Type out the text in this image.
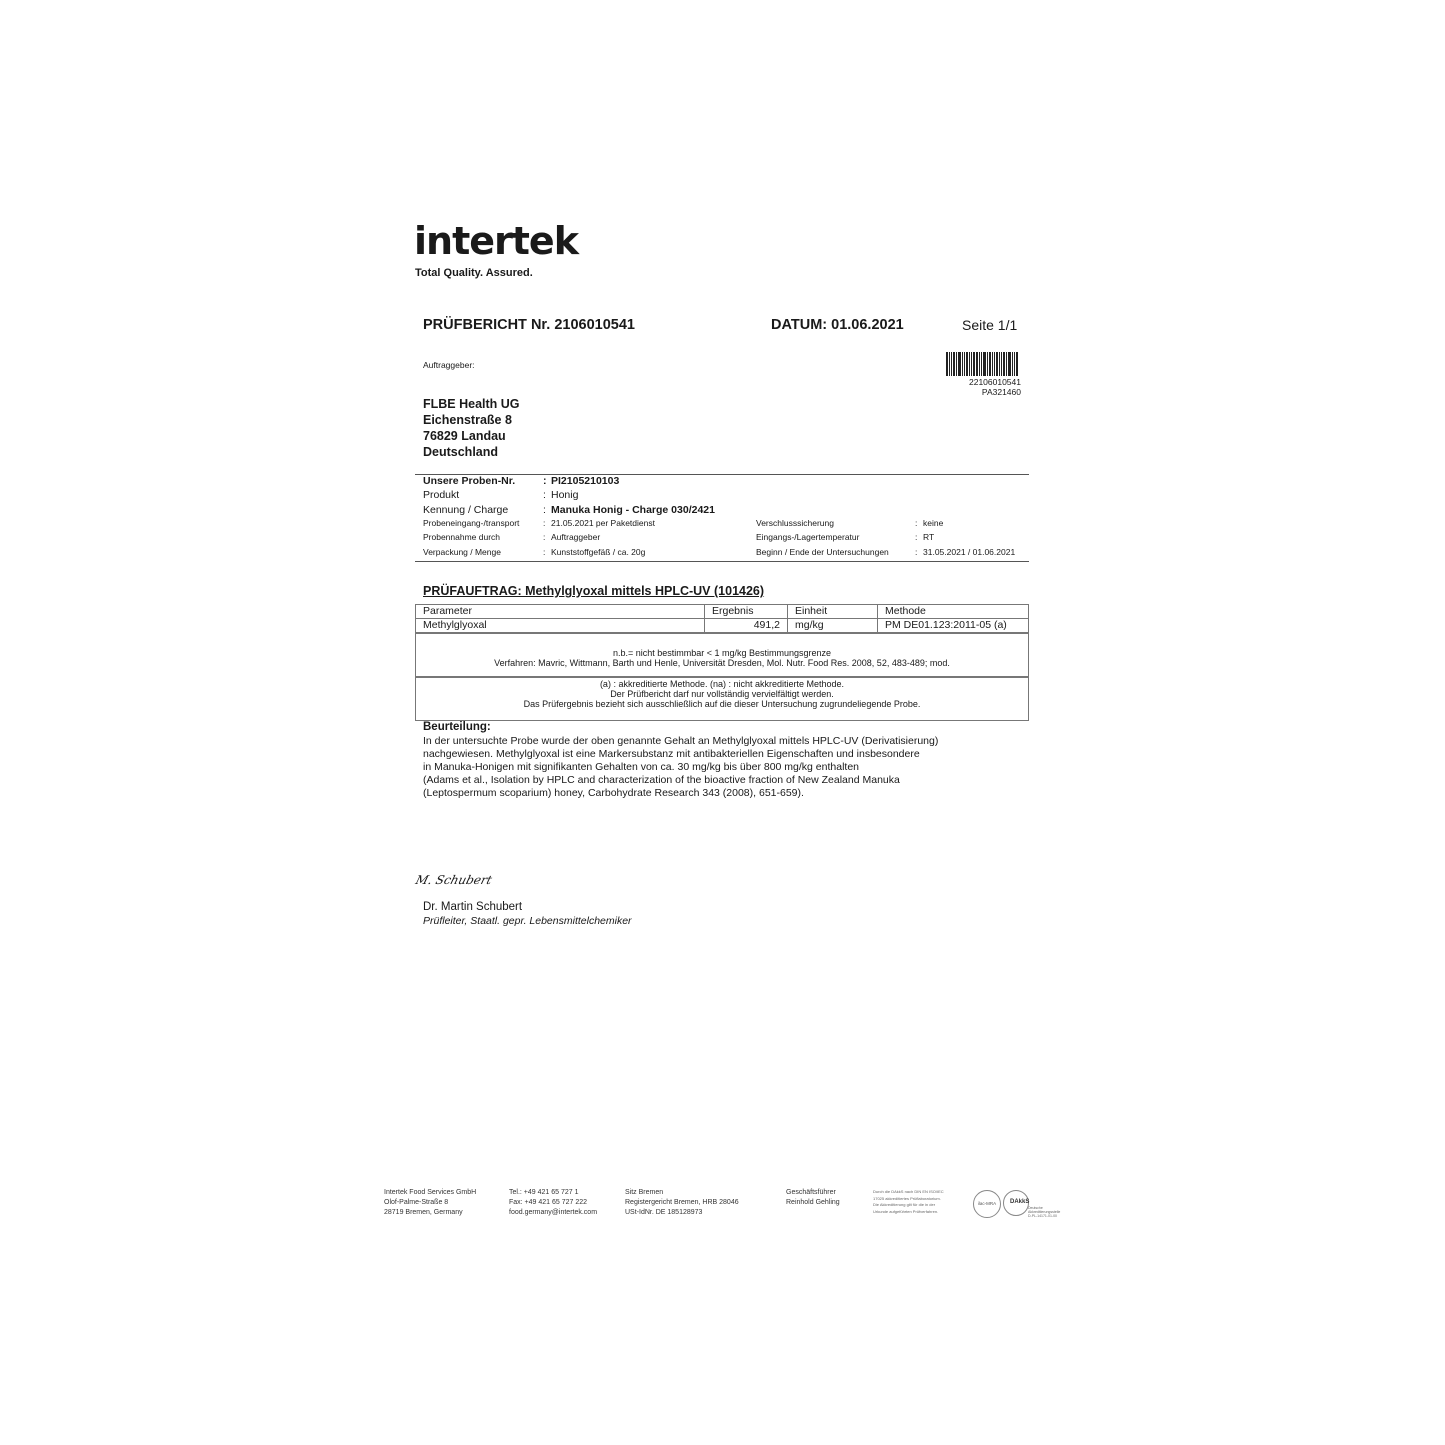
intertek
Total Quality. Assured.
PRÜFBERICHT Nr. 2106010541	DATUM: 01.06.2021	Seite 1/1
Auftraggeber:
22106010541
PA321460
FLBE Health UG
Eichenstraße 8
76829 Landau
Deutschland
Unsere Proben-Nr.	: PI2105210103
Produkt	: Honig
Kennung / Charge	: Manuka Honig - Charge 030/2421
Probeneingang-/transport	: 21.05.2021 per Paketdienst	Verschlusssicherung	: keine
Probennahme durch	: Auftraggeber	Eingangs-/Lagertemperatur	: RT
Verpackung / Menge	: Kunststoffgefäß / ca. 20g	Beginn / Ende der Untersuchungen	: 31.05.2021 / 01.06.2021
PRÜFAUFTRAG: Methylglyoxal mittels HPLC-UV (101426)
Parameter	Ergebnis	Einheit	Methode
Methylglyoxal	491,2	mg/kg	PM DE01.123:2011-05 (a)
n.b.= nicht bestimmbar < 1 mg/kg Bestimmungsgrenze
Verfahren: Mavric, Wittmann, Barth und Henle, Universität Dresden, Mol. Nutr. Food Res. 2008, 52, 483-489; mod.
(a) : akkreditierte Methode. (na) : nicht akkreditierte Methode.
Der Prüfbericht darf nur vollständig vervielfältigt werden.
Das Prüfergebnis bezieht sich ausschließlich auf die dieser Untersuchung zugrundeliegende Probe.
Beurteilung:
In der untersuchte Probe wurde der oben genannte Gehalt an Methylglyoxal mittels HPLC-UV (Derivatisierung)
nachgewiesen. Methylglyoxal ist eine Markersubstanz mit antibakteriellen Eigenschaften und insbesondere
in Manuka-Honigen mit signifikanten Gehalten von ca. 30 mg/kg bis über 800 mg/kg enthalten
(Adams et al., Isolation by HPLC and characterization of the bioactive fraction of New Zealand Manuka
(Leptospermum scoparium) honey, Carbohydrate Research 343 (2008), 651-659).
M. Schubert
Dr. Martin Schubert
Prüfleiter, Staatl. gepr. Lebensmittelchemiker
Intertek Food Services GmbH
Olof-Palme-Straße 8
28719 Bremen, Germany
Tel.: +49 421 65 727 1
Fax: +49 421 65 727 222
food.germany@intertek.com
Sitz Bremen
Registergericht Bremen, HRB 28046
USt-IdNr. DE 185128973
Geschäftsführer
Reinhold Gehling
Durch die DAkkS nach DIN EN ISO/IEC
17025 akkreditiertes Prüflaboratorium.
Die Akkreditierung gilt für die in der
Urkunde aufgeführten Prüfverfahren.
ilac-MRA	DAkkS
Deutsche
Akkreditierungsstelle
D-PL-14171-01-00
